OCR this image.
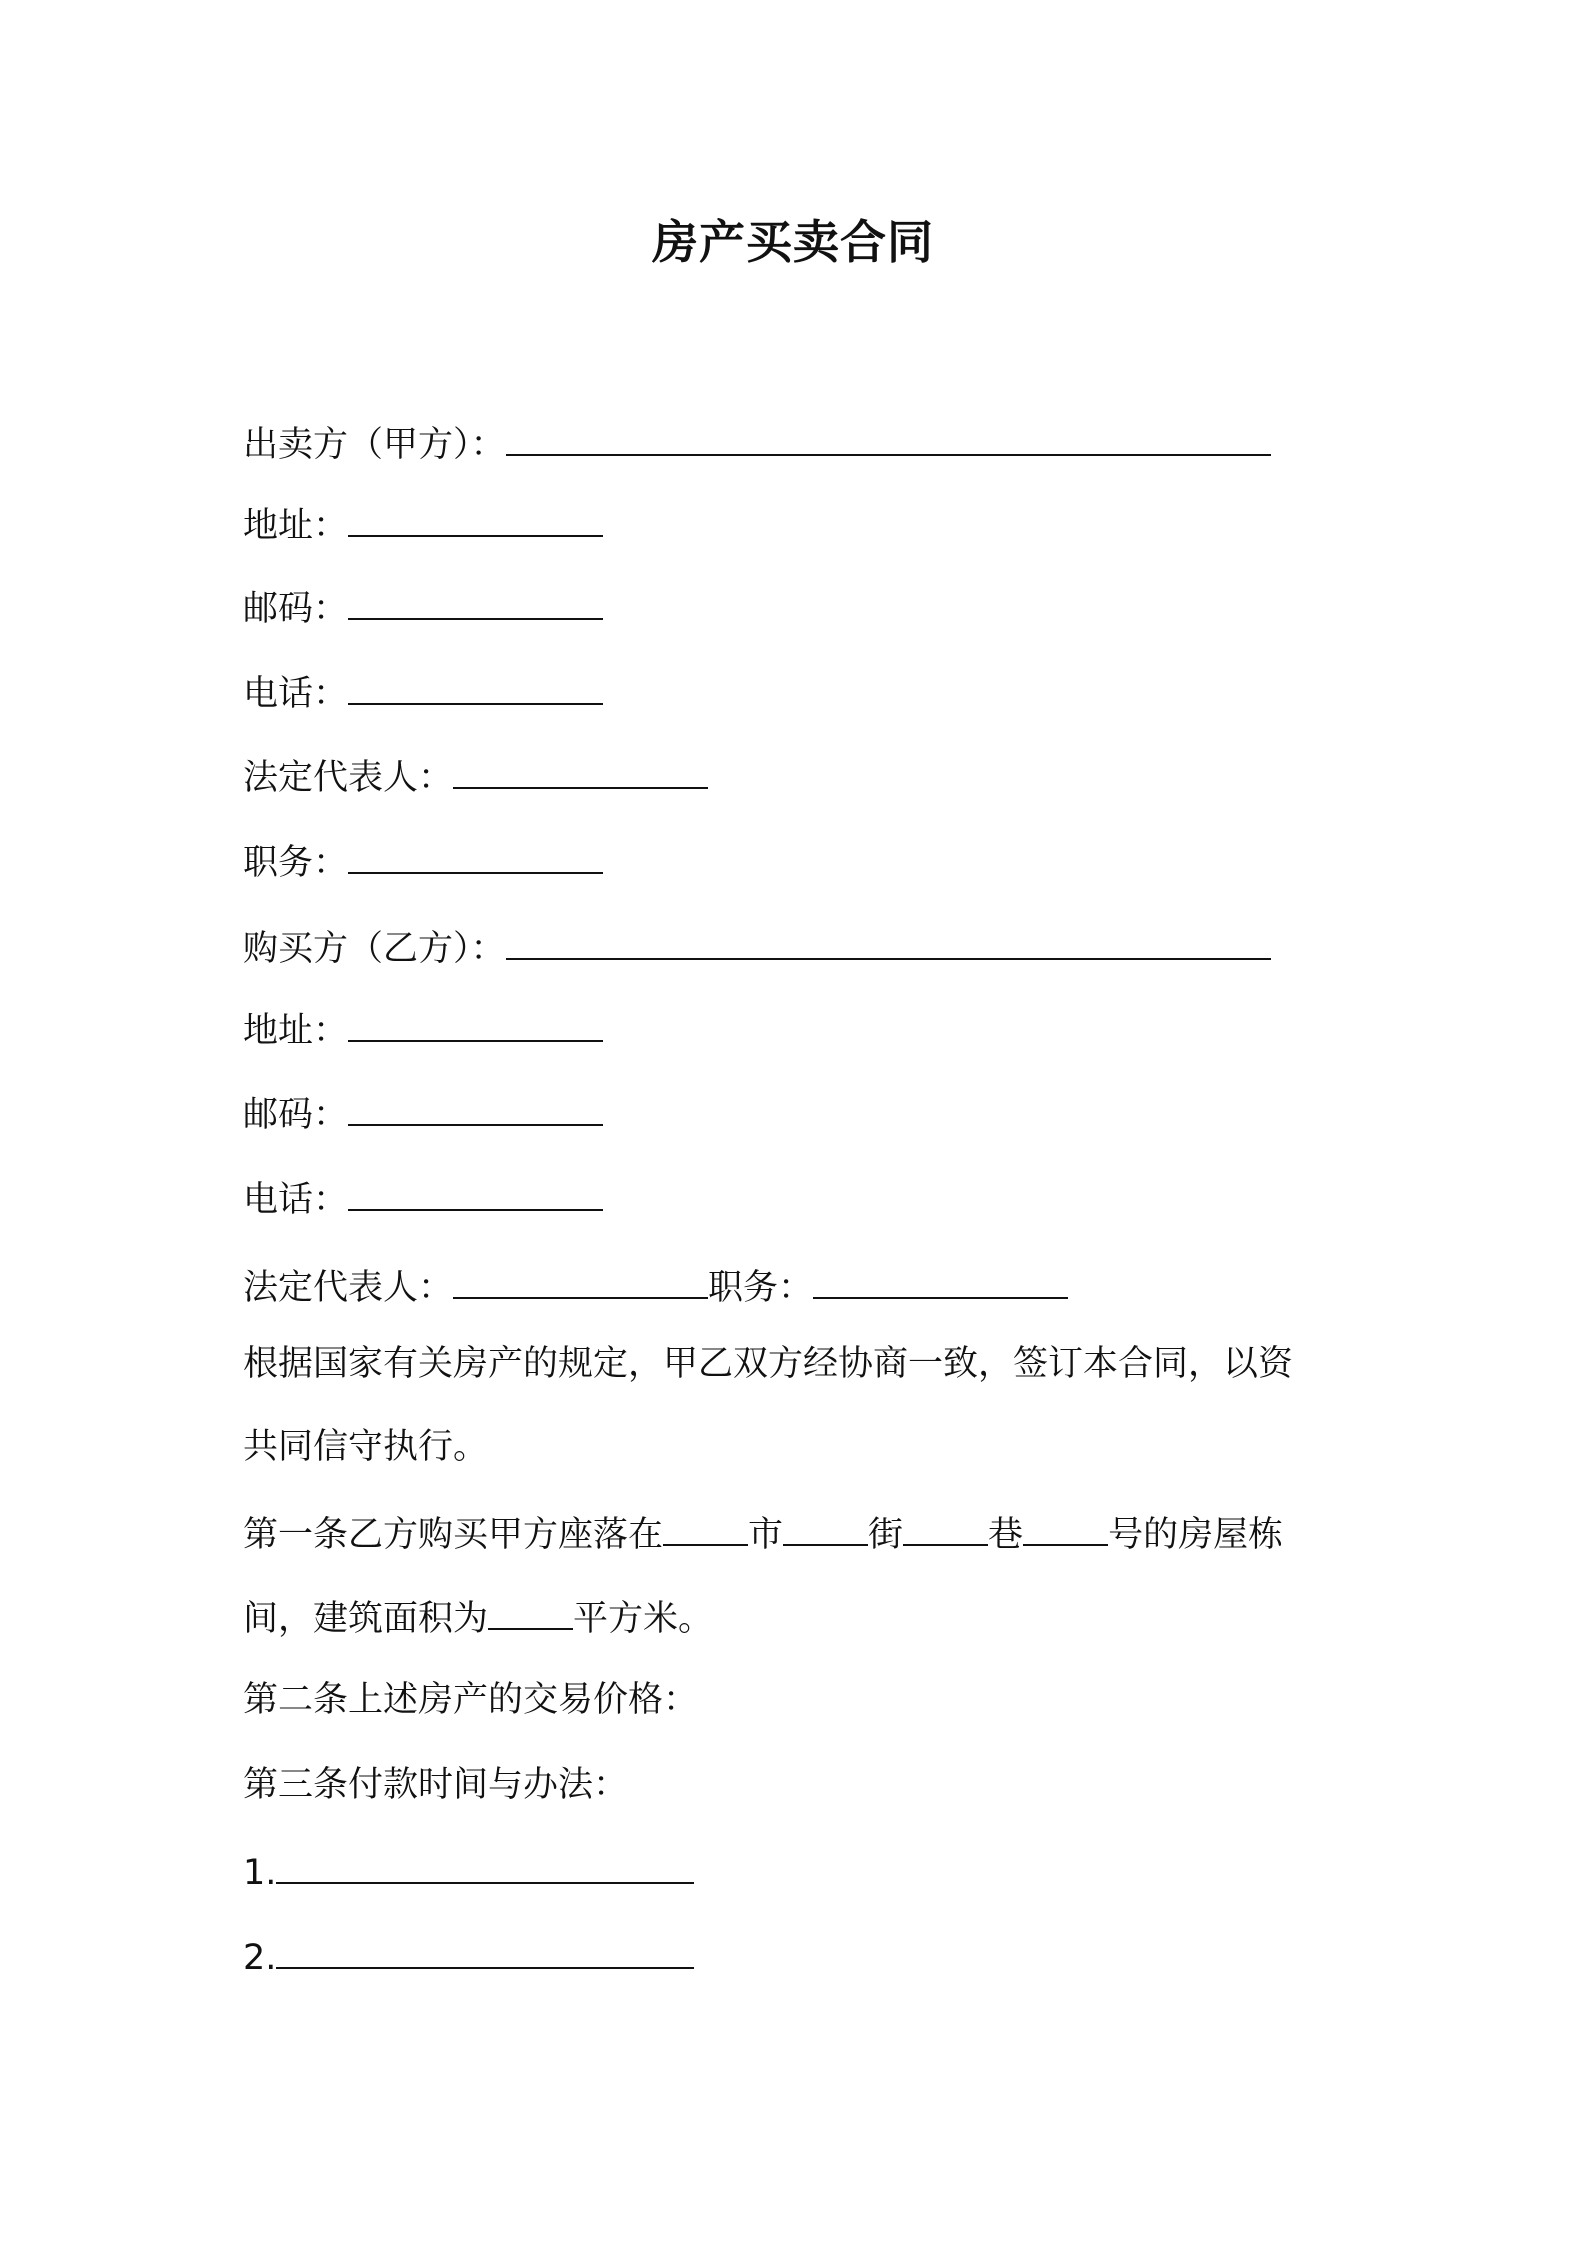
房产买卖合同
出卖方（甲方）：
地址：
邮码：
电话：
法定代表人：
职务：
购买方（乙方）：
地址：
邮码：
电话：
法定代表人：	职务：
根据国家有关房产的规定，甲乙双方经协商一致，签订本合同，以资
共同信守执行。
第一条乙方购买甲方座落在 市 街 巷 号的房屋栋
间，建筑面积为 平方米。
第二条上述房产的交易价格：
第三条付款时间与办法：
1.
2.
